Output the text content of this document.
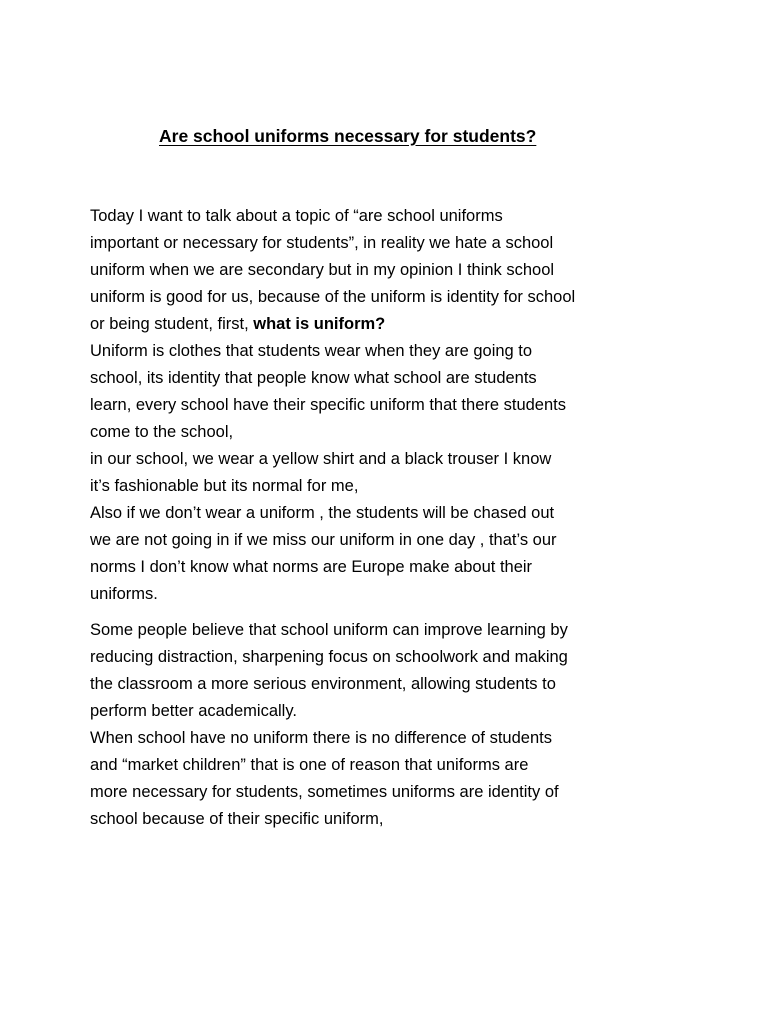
Are school uniforms necessary for students?
Today I want to talk about a topic of “are school uniforms
important or necessary for students”, in reality we hate a school
uniform when we are secondary but in my opinion I think school
uniform is good for us, because of the uniform is identity for school
or being student, first, what is uniform?
Uniform is clothes that students wear when they are going to
school, its identity that people know what school are students
learn, every school have their specific uniform that there students
come to the school,
in our school, we wear a yellow shirt and a black trouser I know
it’s fashionable but its normal for me,
Also if we don’t wear a uniform , the students will be chased out
we are not going in if we miss our uniform in one day , that’s our
norms I don’t know what norms are Europe make about their
uniforms.
Some people believe that school uniform can improve learning by
reducing distraction, sharpening focus on schoolwork and making
the classroom a more serious environment, allowing students to
perform better academically.
When school have no uniform there is no difference of students
and “market children” that is one of reason that uniforms are
more necessary for students, sometimes uniforms are identity of
school because of their specific uniform,
